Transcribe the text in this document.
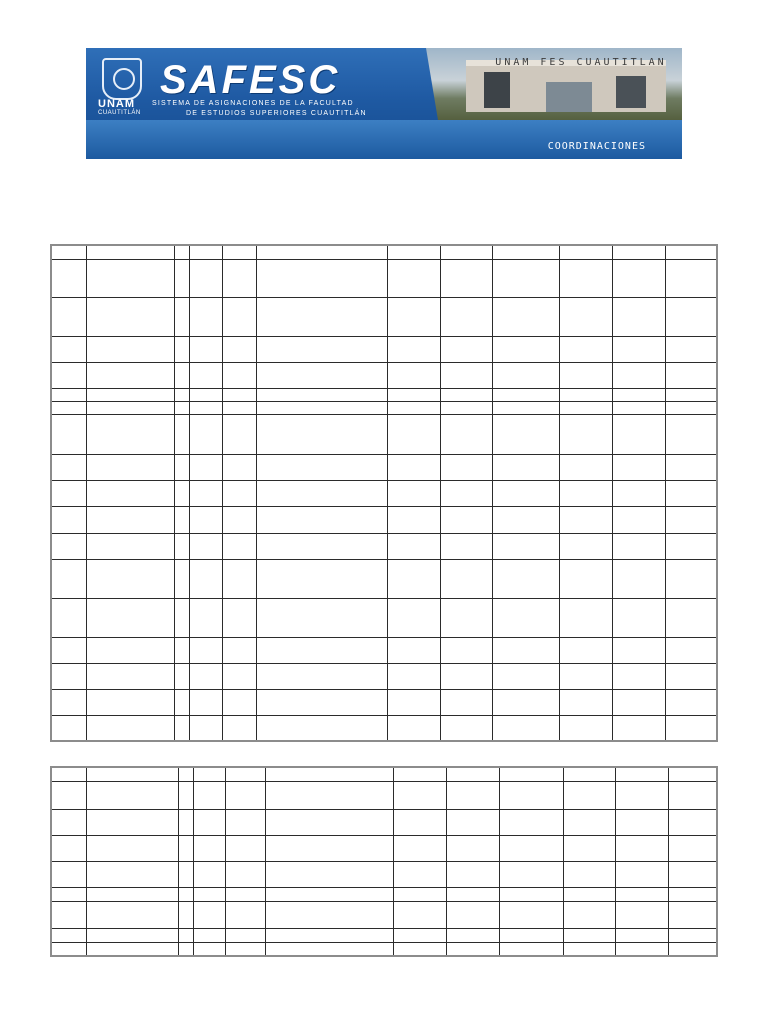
UNAM FES CUAUTITLAN
UNAM
CUAUTITLÁN
SAFESC
SISTEMA DE ASIGNACIONES DE LA FACULTAD
DE ESTUDIOS SUPERIORES CUAUTITLÁN
COORDINACIONES
